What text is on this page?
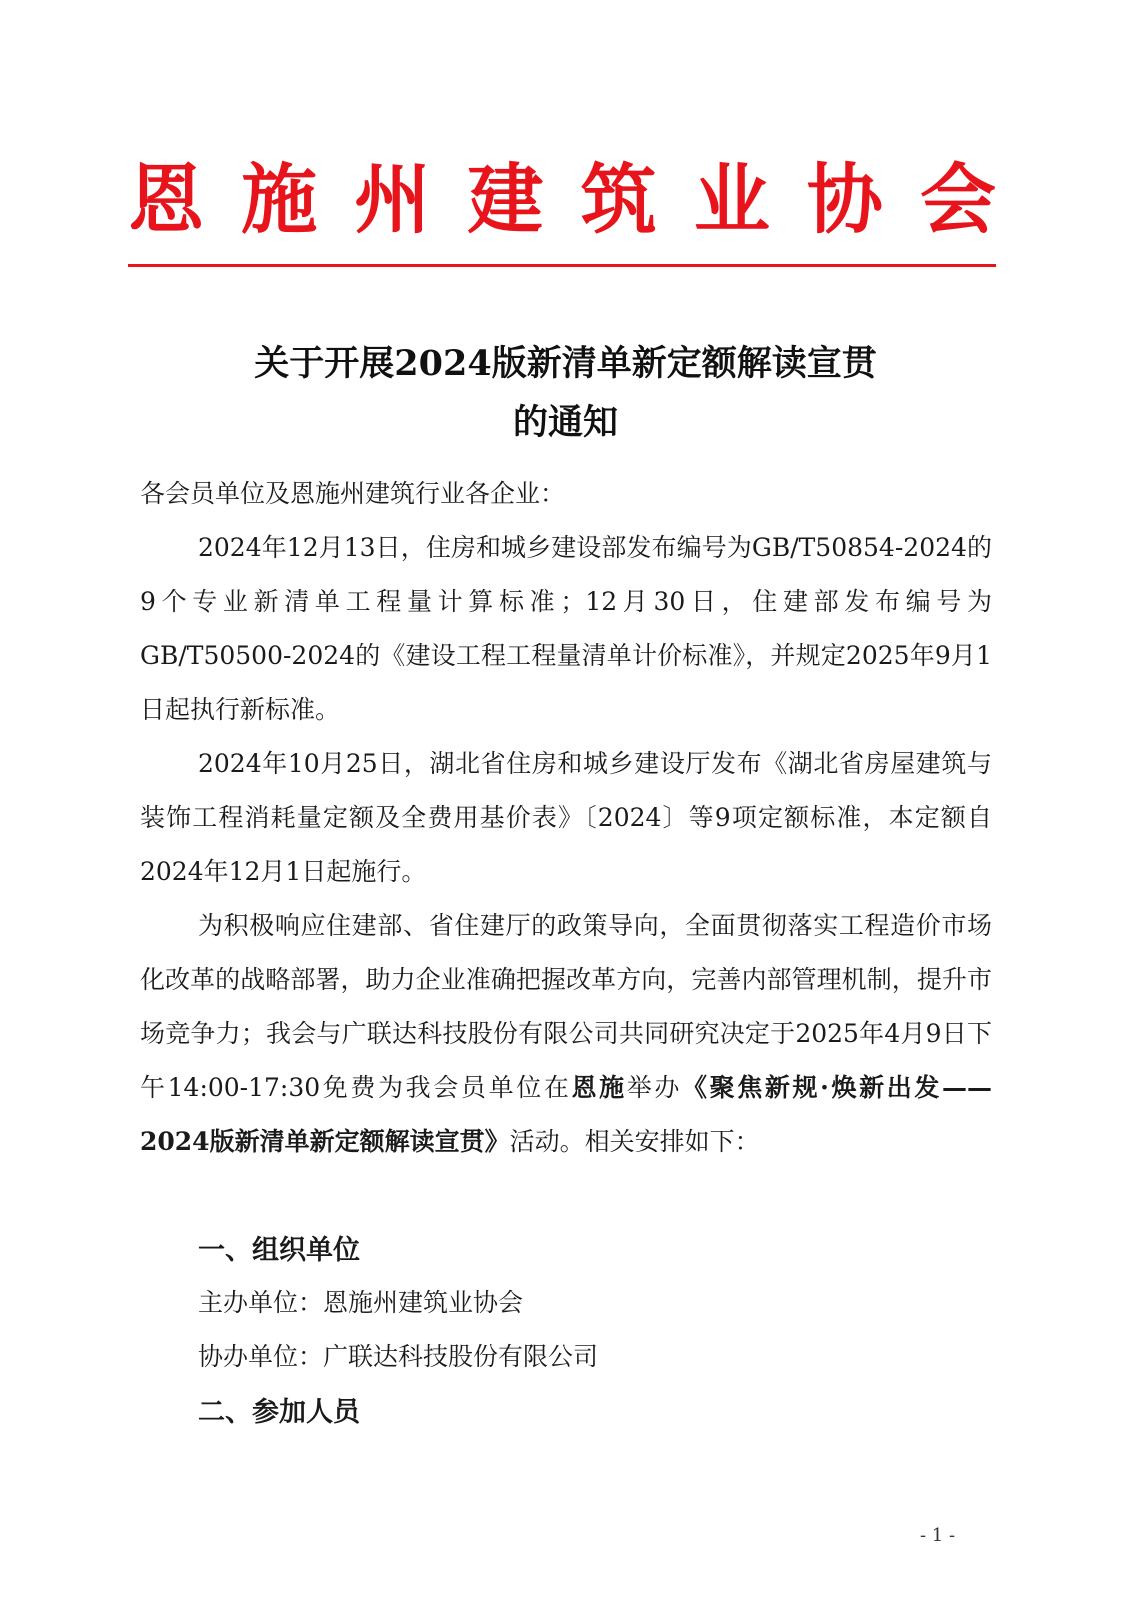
恩 施 州 建 筑 业 协 会
关于开展2024版新清单新定额解读宣贯
的通知

各会员单位及恩施州建筑行业各企业：

2024年12月13日，住房和城乡建设部发布编号为GB/T50854-2024的9个专业新清单工程量计算标准；12月30日，住建部发布编号为GB/T50500-2024的《建设工程工程量清单计价标准》，并规定2025年9月1日起执行新标准。

2024年10月25日，湖北省住房和城乡建设厅发布《湖北省房屋建筑与装饰工程消耗量定额及全费用基价表》〔2024〕等9项定额标准，本定额自2024年12月1日起施行。

为积极响应住建部、省住建厅的政策导向，全面贯彻落实工程造价市场化改革的战略部署，助力企业准确把握改革方向，完善内部管理机制，提升市场竞争力；我会与广联达科技股份有限公司共同研究决定于2025年4月9日下午14:00-17:30免费为我会员单位在恩施举办《聚焦新规·焕新出发——2024版新清单新定额解读宣贯》活动。相关安排如下：

一、组织单位
主办单位：恩施州建筑业协会
协办单位：广联达科技股份有限公司
二、参加人员
- 1 -
